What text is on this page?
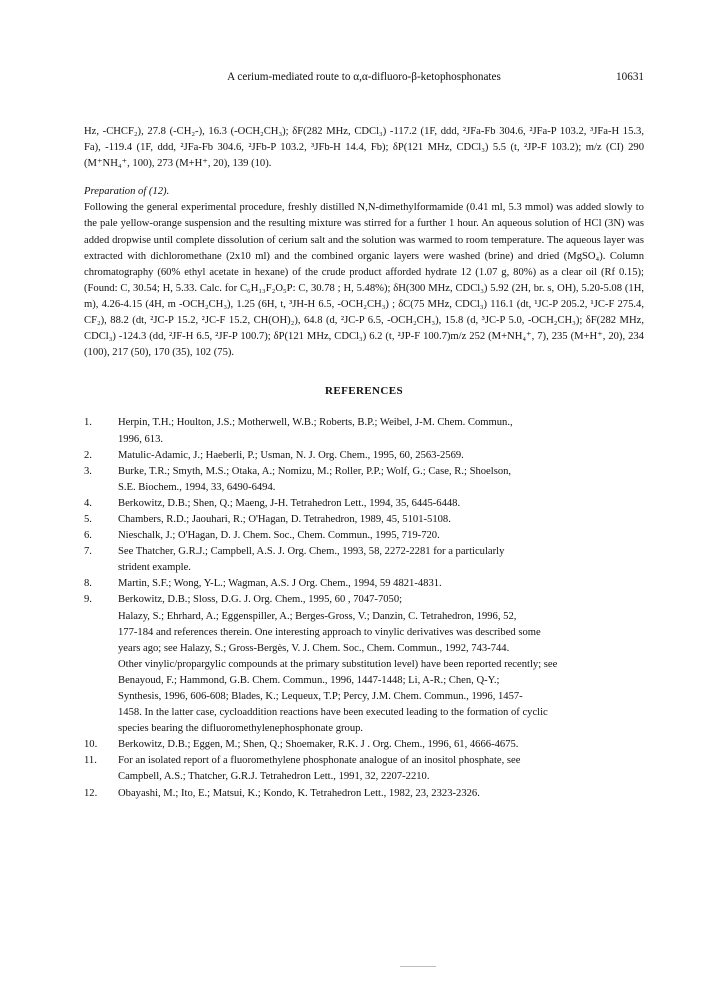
A cerium-mediated route to α,α-difluoro-β-ketophosphonates	10631

Hz, -CHCF₂), 27.8 (-CH₂-), 16.3 (-OCH₂CH₃); δF(282 MHz, CDCl₃) -117.2 (1F, ddd, ²JFa-Fb 304.6, ²JFa-P 103.2, ³JFa-H 15.3, Fa), -119.4 (1F, ddd, ²JFa-Fb 304.6, ²JFb-P 103.2, ³JFb-H 14.4, Fb); δP(121 MHz, CDCl₃) 5.5 (t, ²JP-F 103.2); m/z (CI) 290 (M⁺NH₄⁺, 100), 273 (M+H⁺, 20), 139 (10).

Preparation of (12).

Following the general experimental procedure, freshly distilled N,N-dimethylformamide (0.41 ml, 5.3 mmol) was added slowly to the pale yellow-orange suspension and the resulting mixture was stirred for a further 1 hour. An aqueous solution of HCl (3N) was added dropwise until complete dissolution of cerium salt and the solution was warmed to room temperature. The aqueous layer was extracted with dichloromethane (2x10 ml) and the combined organic layers were washed (brine) and dried (MgSO₄). Column chromatography (60% ethyl acetate in hexane) of the crude product afforded hydrate 12 (1.07 g, 80%) as a clear oil (Rf 0.15); (Found: C, 30.54; H, 5.33. Calc. for C₆H₁₃F₂O₅P: C, 30.78 ; H, 5.48%); δH(300 MHz, CDCl₃) 5.92 (2H, br. s, OH), 5.20-5.08 (1H, m), 4.26-4.15 (4H, m -OCH₂CH₃), 1.25 (6H, t, ³JH-H 6.5, -OCH₂CH₃) ; δC(75 MHz, CDCl₃) 116.1 (dt, ¹JC-P 205.2, ¹JC-F 275.4, CF₂), 88.2 (dt, ²JC-P 15.2, ²JC-F 15.2, CH(OH)₂), 64.8 (d, ²JC-P 6.5, -OCH₂CH₃), 15.8 (d, ³JC-P 5.0, -OCH₂CH₃); δF(282 MHz, CDCl₃) -124.3 (dd, ²JF-H 6.5, ²JF-P 100.7); δP(121 MHz, CDCl₃) 6.2 (t, ²JP-F 100.7)m/z 252 (M+NH₄⁺, 7), 235 (M+H⁺, 20), 234 (100), 217 (50), 170 (35), 102 (75).

REFERENCES

1.	Herpin, T.H.; Houlton, J.S.; Motherwell, W.B.; Roberts, B.P.; Weibel, J-M. Chem. Commun.,
1996, 613.
2.	Matulic-Adamic, J.; Haeberli, P.; Usman, N. J. Org. Chem., 1995, 60, 2563-2569.
3.	Burke, T.R.; Smyth, M.S.; Otaka, A.; Nomizu, M.; Roller, P.P.; Wolf, G.; Case, R.; Shoelson,
S.E. Biochem., 1994, 33, 6490-6494.
4.	Berkowitz, D.B.; Shen, Q.; Maeng, J-H. Tetrahedron Lett., 1994, 35, 6445-6448.
5.	Chambers, R.D.; Jaouhari, R.; O'Hagan, D. Tetrahedron, 1989, 45, 5101-5108.
6.	Nieschalk, J.; O'Hagan, D. J. Chem. Soc., Chem. Commun., 1995, 719-720.
7.	See Thatcher, G.R.J.; Campbell, A.S. J. Org. Chem., 1993, 58, 2272-2281 for a particularly
strident example.
8.	Martin, S.F.; Wong, Y-L.; Wagman, A.S. J Org. Chem., 1994, 59 4821-4831.
9.	Berkowitz, D.B.; Sloss, D.G. J. Org. Chem., 1995, 60 , 7047-7050;
Halazy, S.; Ehrhard, A.; Eggenspiller, A.; Berges-Gross, V.; Danzin, C. Tetrahedron, 1996, 52,
177-184 and references therein. One interesting approach to vinylic derivatives was described some
years ago; see Halazy, S.; Gross-Bergès, V. J. Chem. Soc., Chem. Commun., 1992, 743-744.
Other vinylic/propargylic compounds at the primary substitution level) have been reported recently; see
Benayoud, F.; Hammond, G.B. Chem. Commun., 1996, 1447-1448; Li, A-R.; Chen, Q-Y.;
Synthesis, 1996, 606-608; Blades, K.; Lequeux, T.P; Percy, J.M. Chem. Commun., 1996, 1457-
1458. In the latter case, cycloaddition reactions have been executed leading to the formation of cyclic
species bearing the difluoromethylenephosphonate group.
10.	Berkowitz, D.B.; Eggen, M.; Shen, Q.; Shoemaker, R.K. J . Org. Chem., 1996, 61, 4666-4675.
11.	For an isolated report of a fluoromethylene phosphonate analogue of an inositol phosphate, see
Campbell, A.S.; Thatcher, G.R.J. Tetrahedron Lett., 1991, 32, 2207-2210.
12.	Obayashi, M.; Ito, E.; Matsui, K.; Kondo, K. Tetrahedron Lett., 1982, 23, 2323-2326.
